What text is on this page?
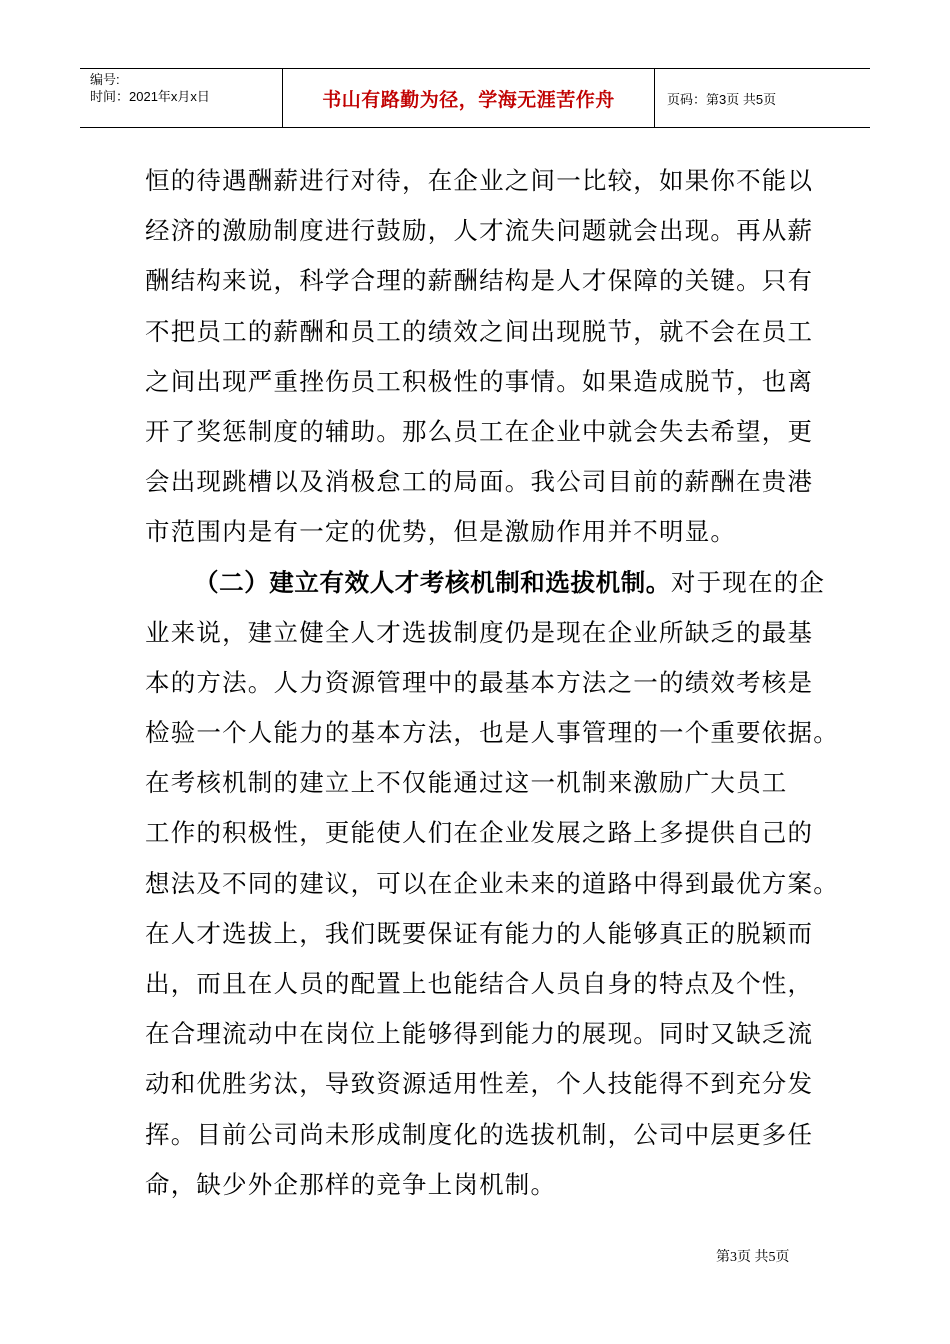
编号:
时间：2021年x月x日	书山有路勤为径，学海无涯苦作舟	页码：第3页 共5页
恒的待遇酬薪进行对待，在企业之间一比较，如果你不能以
经济的激励制度进行鼓励，人才流失问题就会出现。再从薪
酬结构来说，科学合理的薪酬结构是人才保障的关键。只有
不把员工的薪酬和员工的绩效之间出现脱节，就不会在员工
之间出现严重挫伤员工积极性的事情。如果造成脱节，也离
开了奖惩制度的辅助。那么员工在企业中就会失去希望，更
会出现跳槽以及消极怠工的局面。我公司目前的薪酬在贵港
市范围内是有一定的优势，但是激励作用并不明显。
（二）建立有效人才考核机制和选拔机制。对于现在的企
业来说，建立健全人才选拔制度仍是现在企业所缺乏的最基
本的方法。人力资源管理中的最基本方法之一的绩效考核是
检验一个人能力的基本方法，也是人事管理的一个重要依据。
在考核机制的建立上不仅能通过这一机制来激励广大员工
工作的积极性，更能使人们在企业发展之路上多提供自己的
想法及不同的建议，可以在企业未来的道路中得到最优方案。
在人才选拔上，我们既要保证有能力的人能够真正的脱颖而
出，而且在人员的配置上也能结合人员自身的特点及个性，
在合理流动中在岗位上能够得到能力的展现。同时又缺乏流
动和优胜劣汰，导致资源适用性差，个人技能得不到充分发
挥。目前公司尚未形成制度化的选拔机制，公司中层更多任
命，缺少外企那样的竞争上岗机制。
第3页 共5页
